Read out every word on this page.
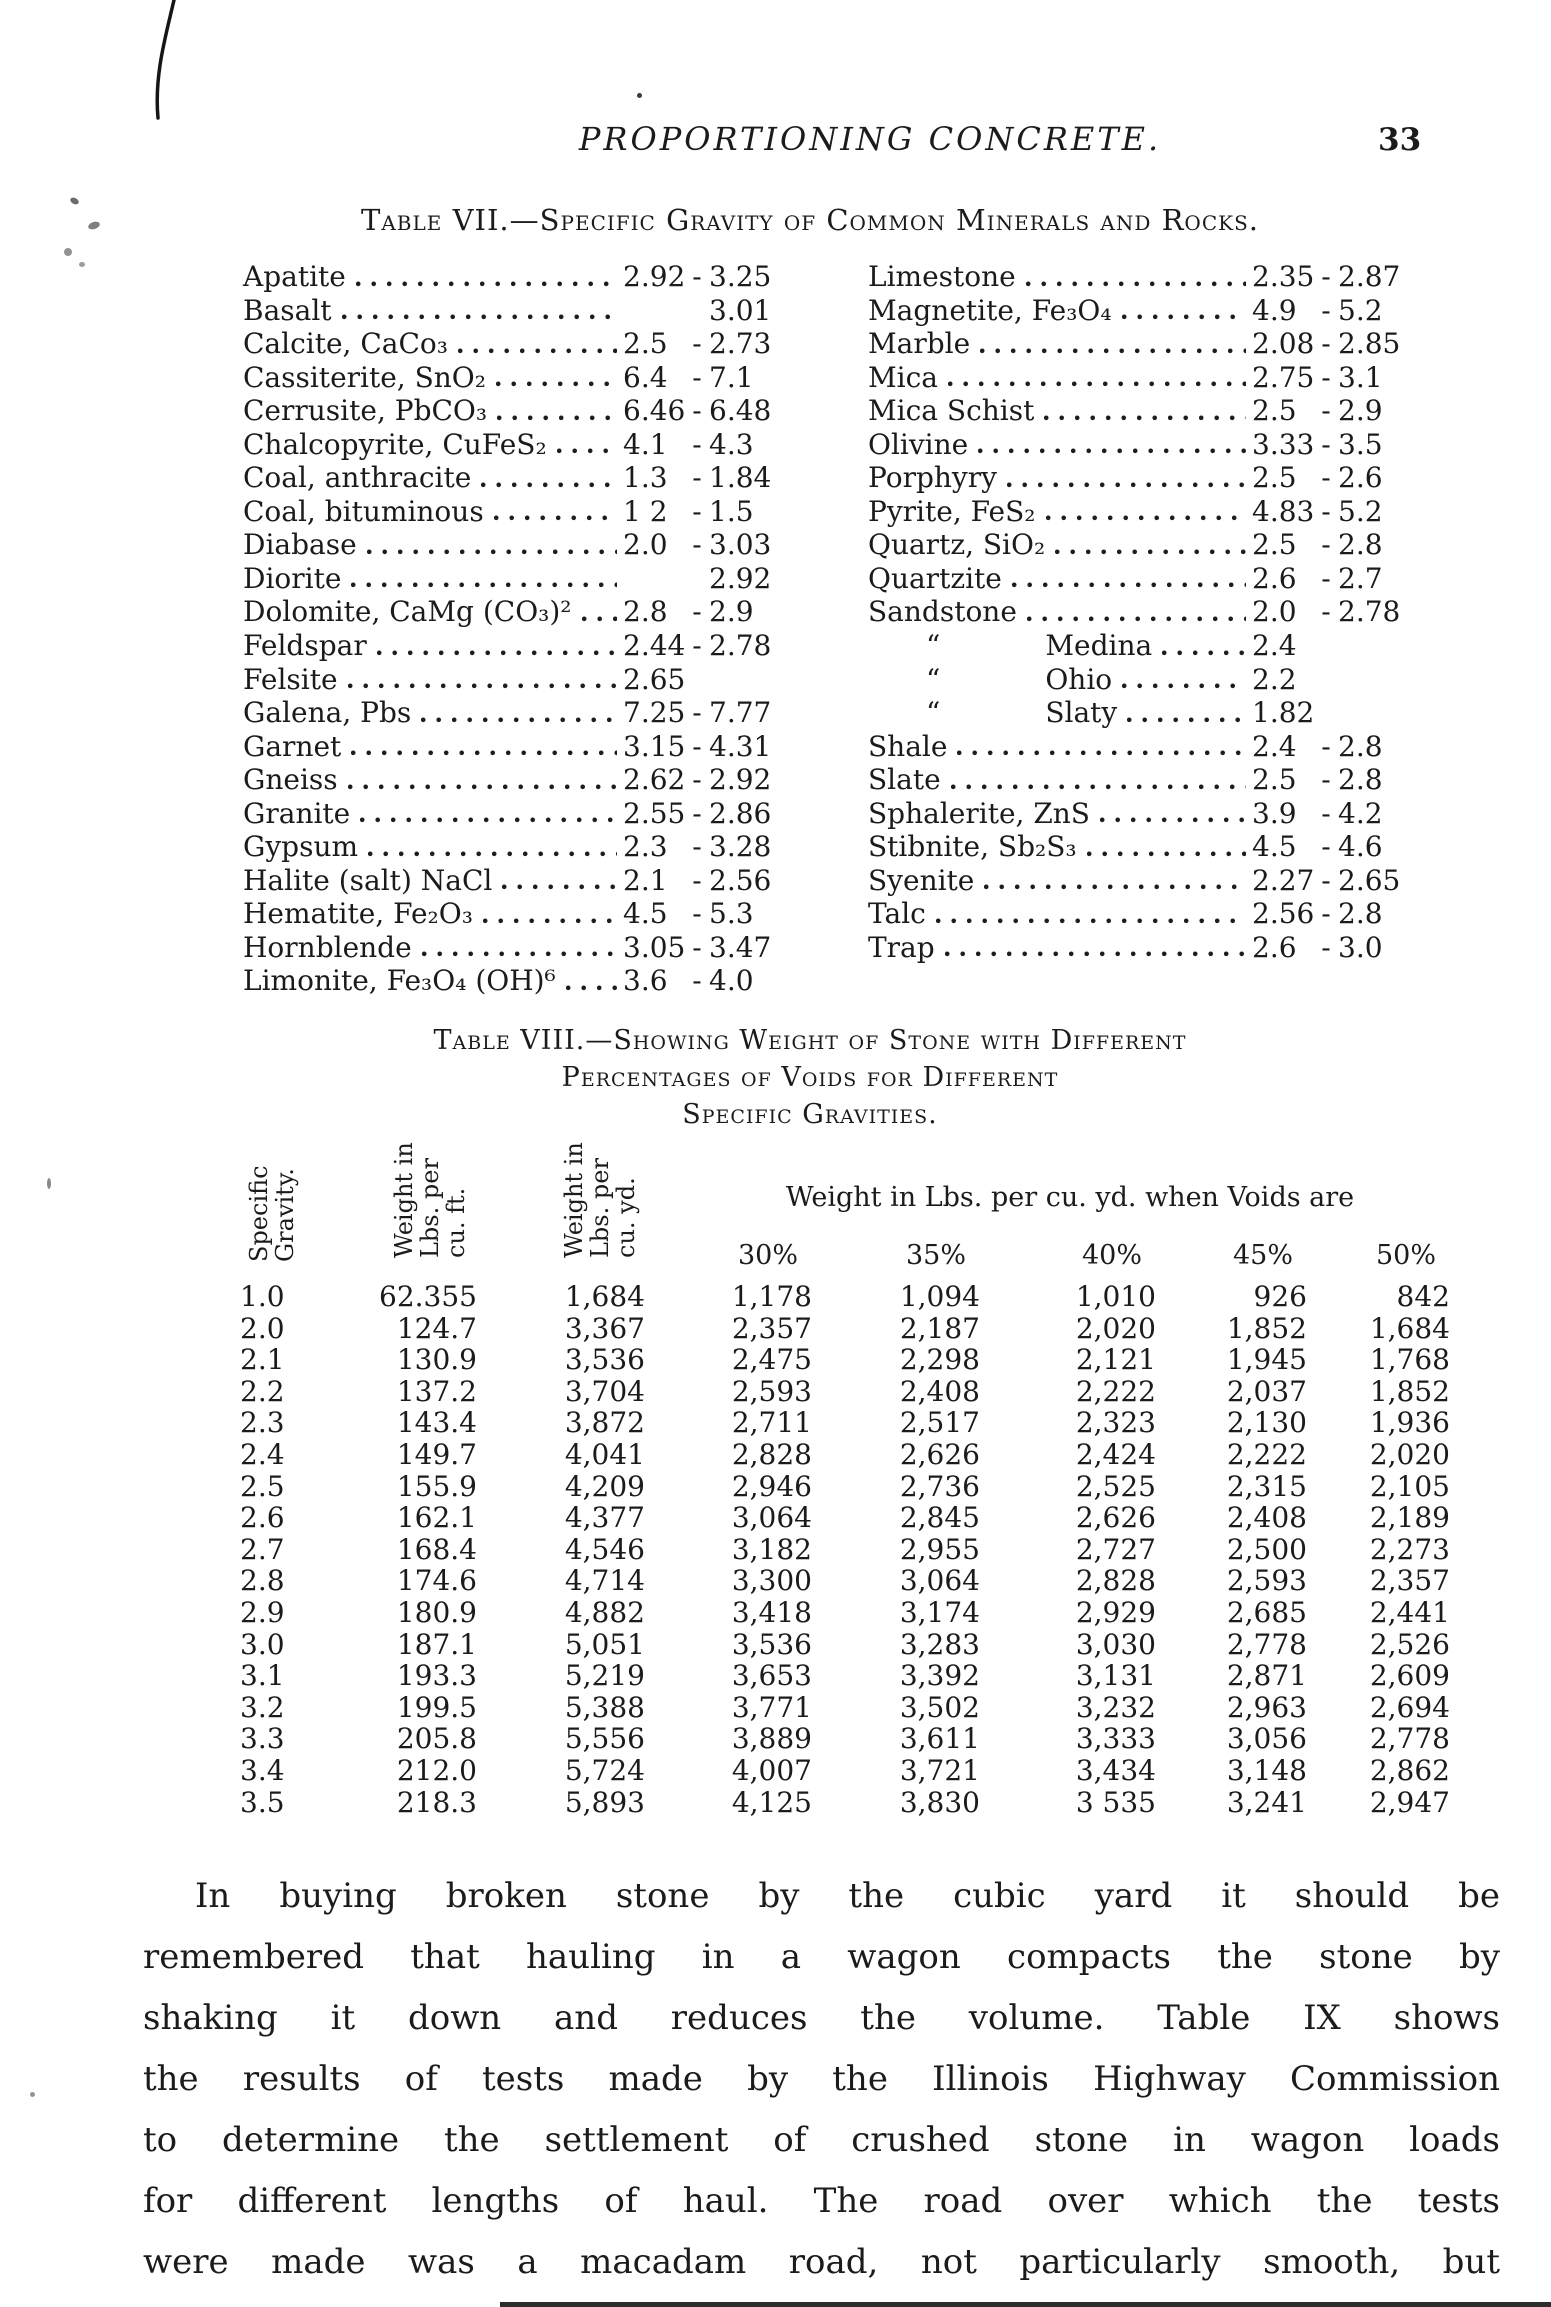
PROPORTIONING CONCRETE.	33
Table VII.—Specific Gravity of Common Minerals and Rocks.
Apatite	2.92 - 3.25
Basalt	3.01
Calcite, CaCo₃	2.5 - 2.73
Cassiterite, SnO₂	6.4 - 7.1
Cerrusite, PbCO₃	6.46 - 6.48
Chalcopyrite, CuFeS₂	4.1 - 4.3
Coal, anthracite	1.3 - 1.84
Coal, bituminous	1 2 - 1.5
Diabase	2.0 - 3.03
Diorite	2.92
Dolomite, CaMg (CO₃)² 2.8 - 2.9
Feldspar	2.44 - 2.78
Felsite	2.65
Galena, Pbs	7.25 - 7.77
Garnet	3.15 - 4.31
Gneiss	2.62 - 2.92
Granite	2.55 - 2.86
Gypsum	2.3 - 3.28
Halite (salt) NaCl	2.1 - 2.56
Hematite, Fe₂O₃	4.5 - 5.3
Hornblende	3.05 - 3.47
Limonite, Fe₃O₄ (OH)⁶ 3.6 - 4.0
Limestone	2.35 - 2.87
Magnetite, Fe₃O₄	4.9 - 5.2
Marble	2.08 - 2.85
Mica	2.75 - 3.1
Mica Schist	2.5 - 2.9
Olivine	3.33 - 3.5
Porphyry	2.5 - 2.6
Pyrite, FeS₂	4.83 - 5.2
Quartz, SiO₂	2.5 - 2.8
Quartzite	2.6 - 2.7
Sandstone	2.0 - 2.78
“	Medina	2.4
“	Ohio	2.2
“	Slaty	1.82
Shale	2.4 - 2.8
Slate	2.5 - 2.8
Sphalerite, ZnS	3.9 - 4.2
Stibnite, Sb₂S₃	4.5 - 4.6
Syenite	2.27 - 2.65
Talc	2.56 - 2.8
Trap	2.6 - 3.0
Table VIII.—Showing Weight of Stone with Different
Percentages of Voids for Different
Specific Gravities.
Specific Gravity.	Weight in Lbs. per cu. ft.	Weight in Lbs. per cu. yd.	Weight in Lbs. per cu. yd. when Voids are
30%	35%	40%	45%	50%
1.0	62.355	1,684	1,178	1,094	1,010	926	842
2.0	124.7	3,367	2,357	2,187	2,020	1,852	1,684
2.1	130.9	3,536	2,475	2,298	2,121	1,945	1,768
2.2	137.2	3,704	2,593	2,408	2,222	2,037	1,852
2.3	143.4	3,872	2,711	2,517	2,323	2,130	1,936
2.4	149.7	4,041	2,828	2,626	2,424	2,222	2,020
2.5	155.9	4,209	2,946	2,736	2,525	2,315	2,105
2.6	162.1	4,377	3,064	2,845	2,626	2,408	2,189
2.7	168.4	4,546	3,182	2,955	2,727	2,500	2,273
2.8	174.6	4,714	3,300	3,064	2,828	2,593	2,357
2.9	180.9	4,882	3,418	3,174	2,929	2,685	2,441
3.0	187.1	5,051	3,536	3,283	3,030	2,778	2,526
3.1	193.3	5,219	3,653	3,392	3,131	2,871	2,609
3.2	199.5	5,388	3,771	3,502	3,232	2,963	2,694
3.3	205.8	5,556	3,889	3,611	3,333	3,056	2,778
3.4	212.0	5,724	4,007	3,721	3,434	3,148	2,862
3.5	218.3	5,893	4,125	3,830	3 535	3,241	2,947
In buying broken stone by the cubic yard it should be
remembered that hauling in a wagon compacts the stone by
shaking it down and reduces the volume. Table IX shows
the results of tests made by the Illinois Highway Commission
to determine the settlement of crushed stone in wagon loads
for different lengths of haul. The road over which the tests
were made was a macadam road, not particularly smooth, but
